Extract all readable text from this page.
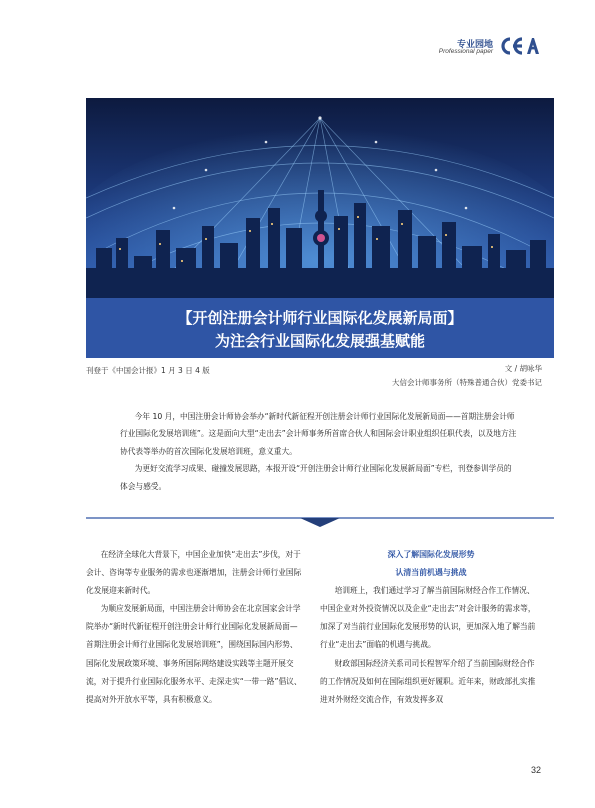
专业园地
Professional paper
【开创注册会计师行业国际化发展新局面】
为注会行业国际化发展强基赋能
刊登于《中国会计报》1 月 3 日 4 版	文 / 胡咏华
大信会计师事务所（特殊普通合伙）党委书记

今年 10 月，中国注册会计师协会举办“新时代新征程开创注册会计师行业国际化发展新局面——首期注册会计师行业国际化发展培训班”。这是面向大型“走出去”会计师事务所首席合伙人和国际会计职业组织任职代表，以及地方注协代表等举办的首次国际化发展培训班，意义重大。

为更好交流学习成果、碰撞发展思路，本报开设“开创注册会计师行业国际化发展新局面”专栏，刊登参训学员的体会与感受。

在经济全球化大背景下，中国企业加快“走出去”步伐，对于会计、咨询等专业服务的需求也逐渐增加，注册会计师行业国际化发展迎来新时代。

为顺应发展新局面，中国注册会计师协会在北京国家会计学院举办“新时代新征程开创注册会计师行业国际化发展新局面— 首期注册会计师行业国际化发展培训班”，围绕国际国内形势、国际化发展政策环境、事务所国际网络建设实践等主题开展交流，对于提升行业国际化服务水平、走深走实“一带一路”倡议、提高对外开放水平等，具有积极意义。

深入了解国际化发展形势

认清当前机遇与挑战

培训班上，我们通过学习了解当前国际财经合作工作情况、中国企业对外投资情况以及企业“走出去”对会计服务的需求等，加深了对当前行业国际化发展形势的认识，更加深入地了解当前行业“走出去”面临的机遇与挑战。

财政部国际经济关系司司长程智军介绍了当前国际财经合作的工作情况及如何在国际组织更好履职。近年来，财政部扎实推进对外财经交流合作，有效发挥多双

32
